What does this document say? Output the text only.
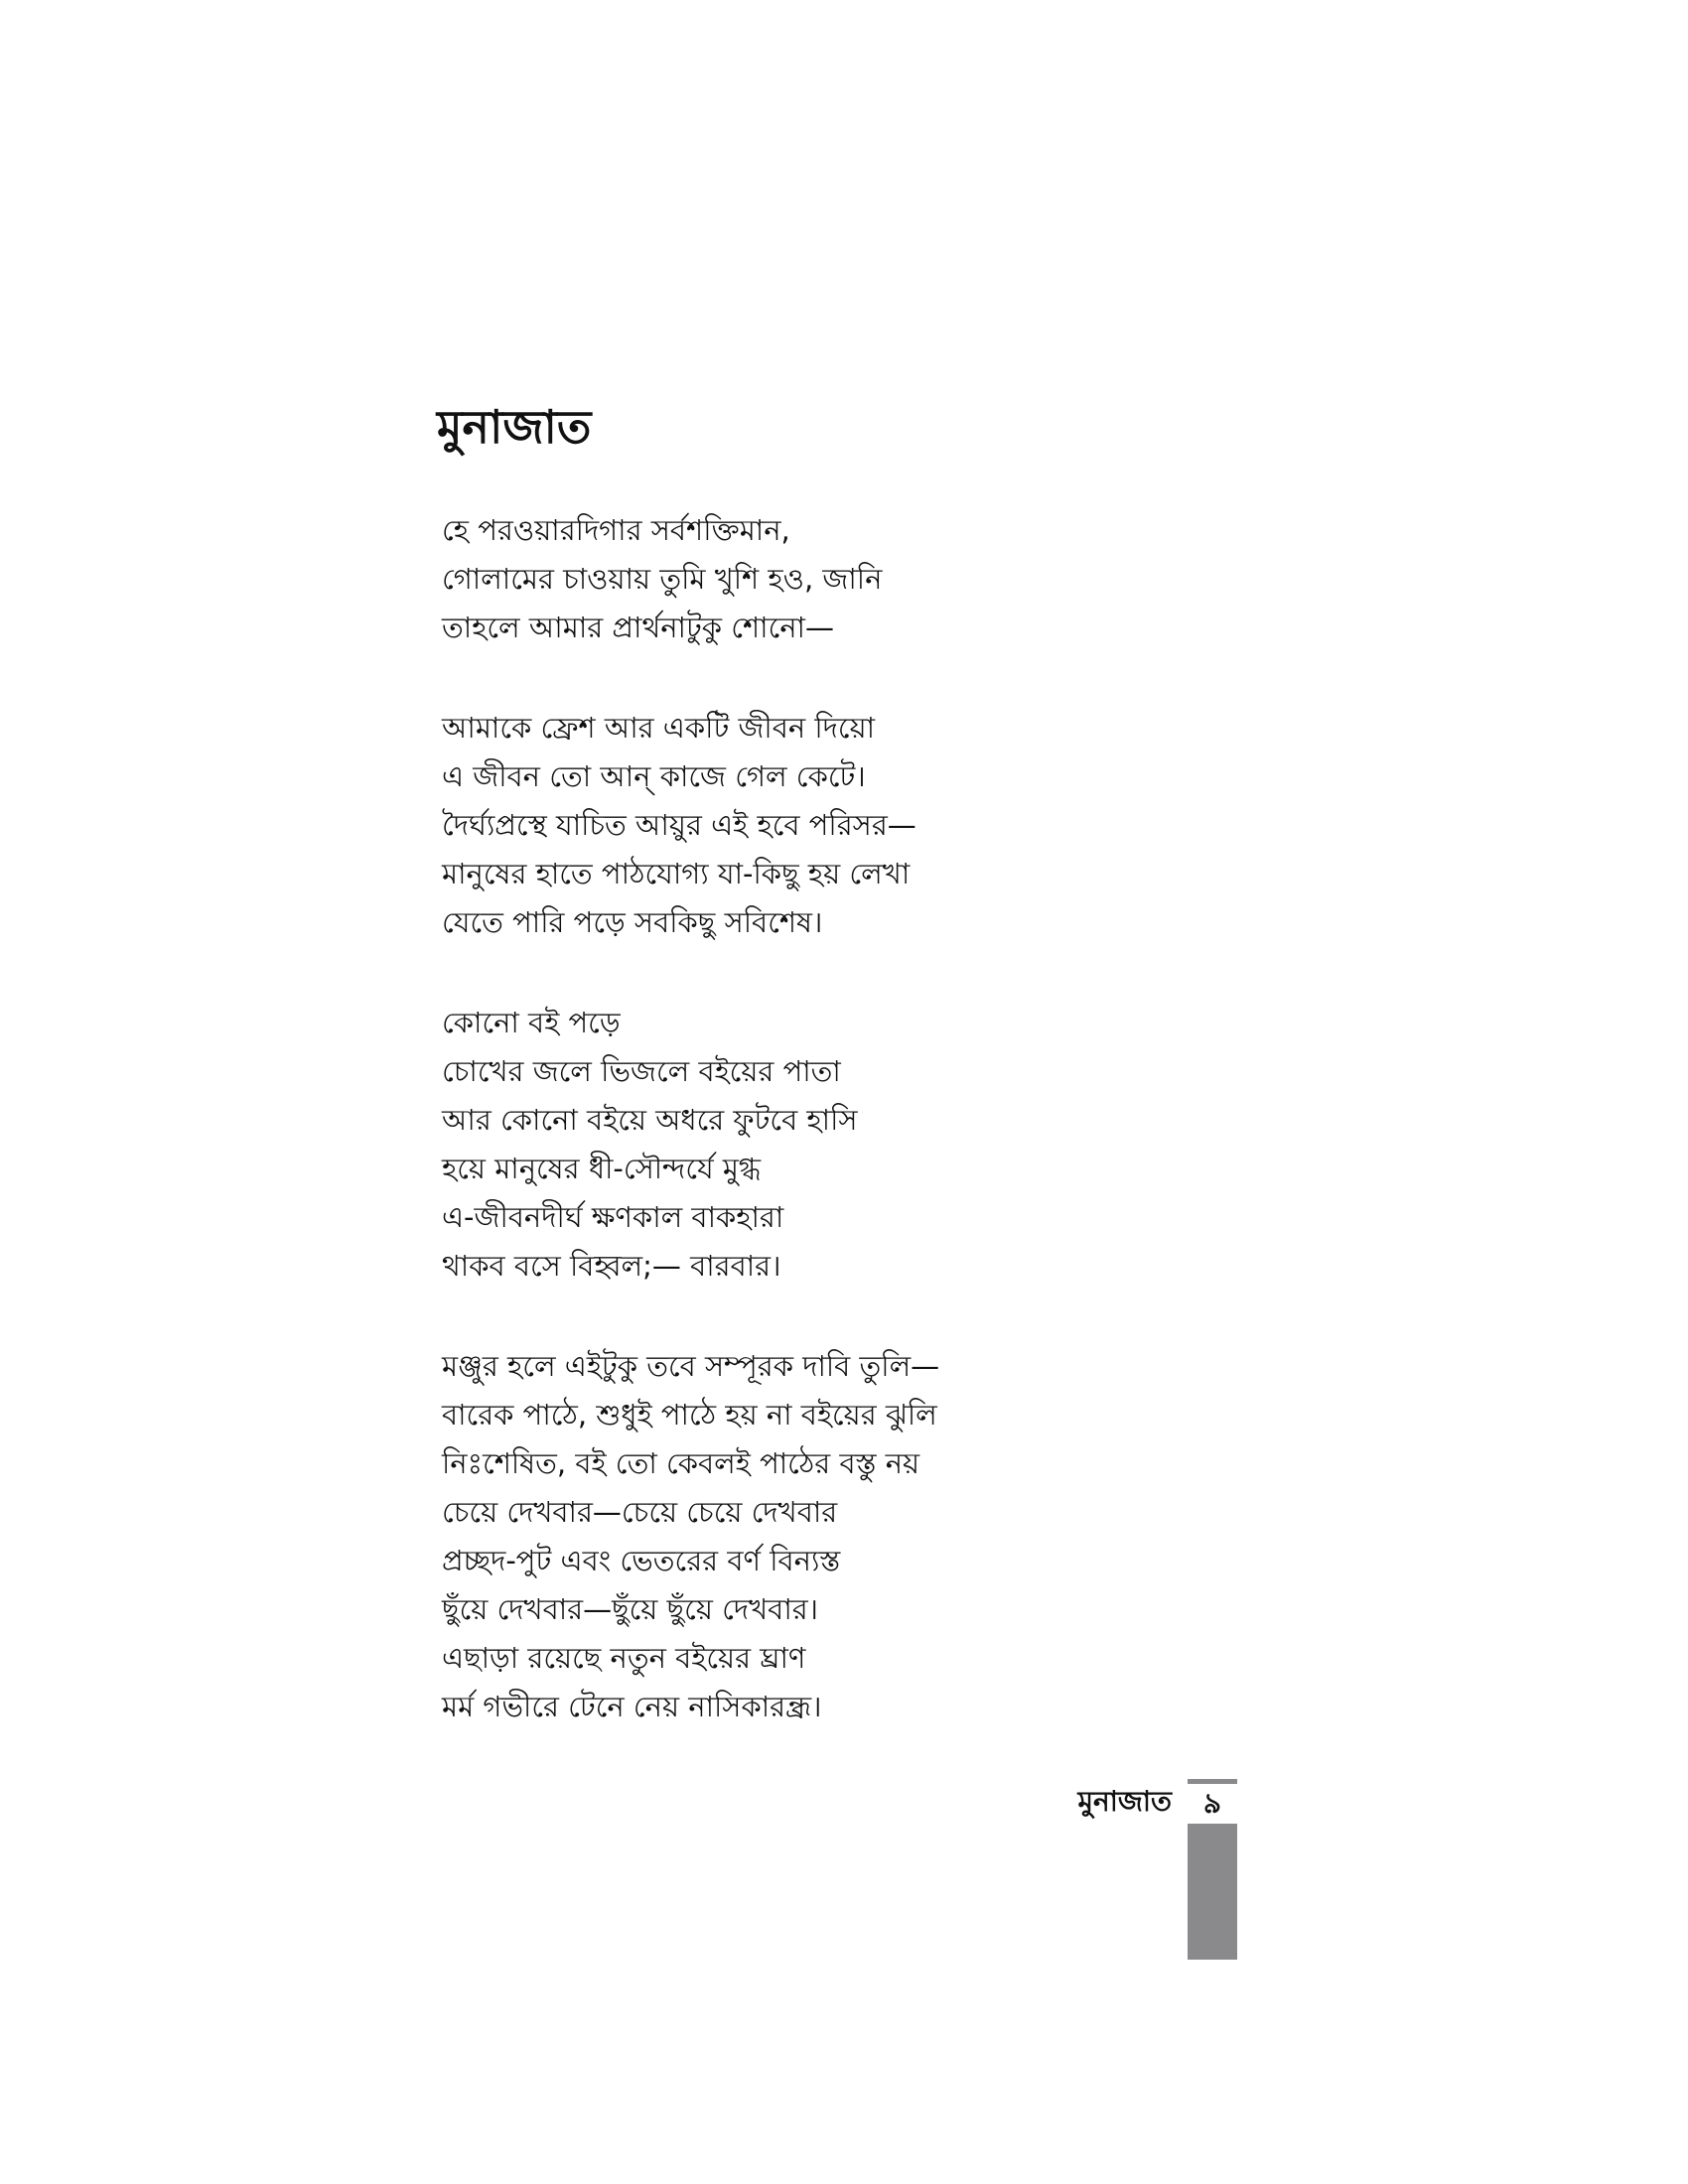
মুনাজাত
হে পরওয়ারদিগার সর্বশক্তিমান,
গোলামের চাওয়ায় তুমি খুশি হও, জানি
তাহলে আমার প্রার্থনাটুকু শোনো—
আমাকে ফ্রেশ আর একটি জীবন দিয়ো
এ জীবন তো আন্‌ কাজে গেল কেটে।
দৈর্ঘ্যপ্রস্থে যাচিত আয়ুর এই হবে পরিসর—
মানুষের হাতে পাঠযোগ্য যা-কিছু হয় লেখা
যেতে পারি পড়ে সবকিছু সবিশেষ।
কোনো বই পড়ে
চোখের জলে ভিজলে বইয়ের পাতা
আর কোনো বইয়ে অধরে ফুটবে হাসি
হয়ে মানুষের ধী-সৌন্দর্যে মুগ্ধ
এ-জীবনদীর্ঘ ক্ষণকাল বাকহারা
থাকব বসে বিহ্বল;— বারবার।
মঞ্জুর হলে এইটুকু তবে সম্পূরক দাবি তুলি—
বারেক পাঠে, শুধুই পাঠে হয় না বইয়ের ঝুলি
নিঃশেষিত, বই তো কেবলই পাঠের বস্তু নয়
চেয়ে দেখবার—চেয়ে চেয়ে দেখবার
প্রচ্ছদ-পুট এবং ভেতরের বর্ণ বিন্যস্ত
ছুঁয়ে দেখবার—ছুঁয়ে ছুঁয়ে দেখবার।
এছাড়া রয়েছে নতুন বইয়ের ঘ্রাণ
মর্ম গভীরে টেনে নেয় নাসিকারন্ধ্র।
মুনাজাত	৯
